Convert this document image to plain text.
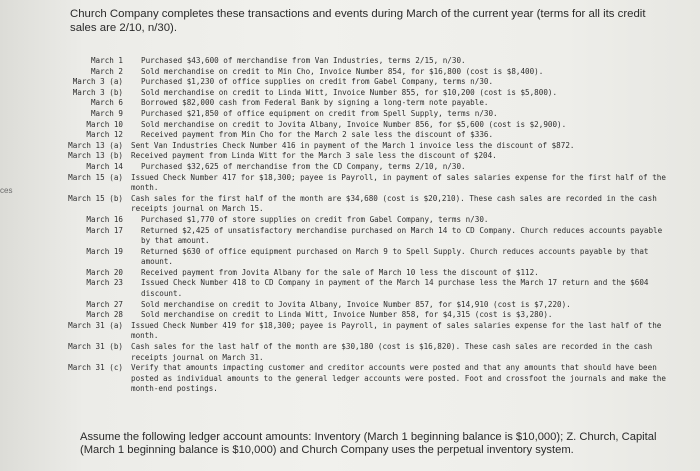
ces
Church Company completes these transactions and events during March of the current year (terms for all its credit sales are 2/10, n/30).
March 1	Purchased $43,600 of merchandise from Van Industries, terms 2/15, n/30.
March 2	Sold merchandise on credit to Min Cho, Invoice Number 854, for $16,800 (cost is $8,400).
March 3 (a)	Purchased $1,230 of office supplies on credit from Gabel Company, terms n/30.
March 3 (b)	Sold merchandise on credit to Linda Witt, Invoice Number 855, for $10,200 (cost is $5,800).
March 6	Borrowed $82,000 cash from Federal Bank by signing a long-term note payable.
March 9	Purchased $21,850 of office equipment on credit from Spell Supply, terms n/30.
March 10	Sold merchandise on credit to Jovita Albany, Invoice Number 856, for $5,600 (cost is $2,900).
March 12	Received payment from Min Cho for the March 2 sale less the discount of $336.
March 13 (a)	Sent Van Industries Check Number 416 in payment of the March 1 invoice less the discount of $872.
March 13 (b)	Received payment from Linda Witt for the March 3 sale less the discount of $204.
March 14	Purchased $32,625 of merchandise from the CD Company, terms 2/10, n/30.
March 15 (a)	Issued Check Number 417 for $18,300; payee is Payroll, in payment of sales salaries expense for the first half of the month.
March 15 (b)	Cash sales for the first half of the month are $34,680 (cost is $20,210). These cash sales are recorded in the cash receipts journal on March 15.
March 16	Purchased $1,770 of store supplies on credit from Gabel Company, terms n/30.
March 17	Returned $2,425 of unsatisfactory merchandise purchased on March 14 to CD Company. Church reduces accounts payable by that amount.
March 19	Returned $630 of office equipment purchased on March 9 to Spell Supply. Church reduces accounts payable by that amount.
March 20	Received payment from Jovita Albany for the sale of March 10 less the discount of $112.
March 23	Issued Check Number 418 to CD Company in payment of the March 14 purchase less the March 17 return and the $604 discount.
March 27	Sold merchandise on credit to Jovita Albany, Invoice Number 857, for $14,910 (cost is $7,220).
March 28	Sold merchandise on credit to Linda Witt, Invoice Number 858, for $4,315 (cost is $3,280).
March 31 (a)	Issued Check Number 419 for $18,300; payee is Payroll, in payment of sales salaries expense for the last half of the month.
March 31 (b)	Cash sales for the last half of the month are $30,180 (cost is $16,820). These cash sales are recorded in the cash receipts journal on March 31.
March 31 (c)	Verify that amounts impacting customer and creditor accounts were posted and that any amounts that should have been posted as individual amounts to the general ledger accounts were posted. Foot and crossfoot the journals and make the month-end postings.
Assume the following ledger account amounts: Inventory (March 1 beginning balance is $10,000); Z. Church, Capital (March 1 beginning balance is $10,000) and Church Company uses the perpetual inventory system.
